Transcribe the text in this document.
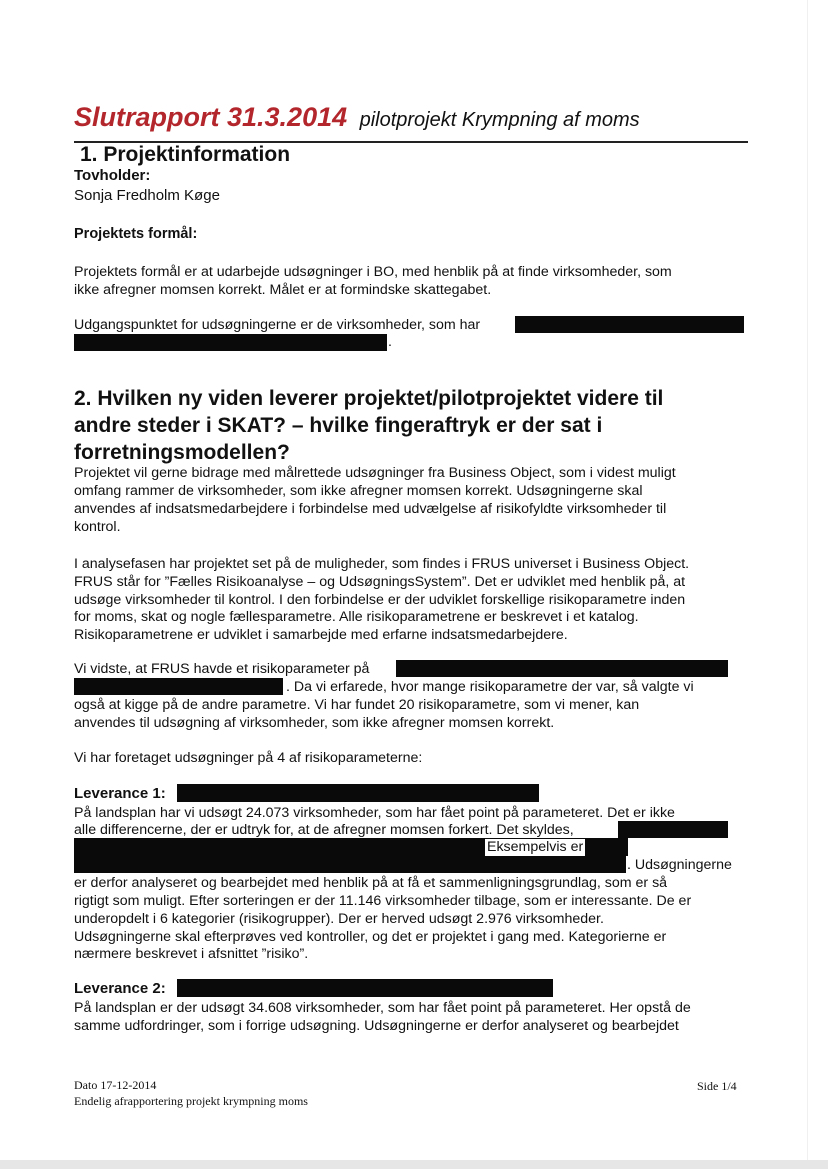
Slutrapport 31.3.2014 pilotprojekt Krympning af moms
1. Projektinformation
Tovholder:
Sonja Fredholm Køge
Projektets formål:
Projektets formål er at udarbejde udsøgninger i BO, med henblik på at finde virksomheder, som
ikke afregner momsen korrekt. Målet er at formindske skattegabet.
Udgangspunktet for udsøgningerne er de virksomheder, som har
.
2. Hvilken ny viden leverer projektet/pilotprojektet videre til
andre steder i SKAT? – hvilke fingeraftryk er der sat i
forretningsmodellen?
Projektet vil gerne bidrage med målrettede udsøgninger fra Business Object, som i videst muligt
omfang rammer de virksomheder, som ikke afregner momsen korrekt. Udsøgningerne skal
anvendes af indsatsmedarbejdere i forbindelse med udvælgelse af risikofyldte virksomheder til
kontrol.
I analysefasen har projektet set på de muligheder, som findes i FRUS universet i Business Object.
FRUS står for ”Fælles Risikoanalyse – og UdsøgningsSystem”. Det er udviklet med henblik på, at
udsøge virksomheder til kontrol. I den forbindelse er der udviklet forskellige risikoparametre inden
for moms, skat og nogle fællesparametre. Alle risikoparametrene er beskrevet i et katalog.
Risikoparametrene er udviklet i samarbejde med erfarne indsatsmedarbejdere.
Vi vidste, at FRUS havde et risikoparameter på
. Da vi erfarede, hvor mange risikoparametre der var, så valgte vi
også at kigge på de andre parametre. Vi har fundet 20 risikoparametre, som vi mener, kan
anvendes til udsøgning af virksomheder, som ikke afregner momsen korrekt.
Vi har foretaget udsøgninger på 4 af risikoparameterne:
Leverance 1:
På landsplan har vi udsøgt 24.073 virksomheder, som har fået point på parameteret. Det er ikke
alle differencerne, der er udtryk for, at de afregner momsen forkert. Det skyldes,
Eksempelvis er
. Udsøgningerne
er derfor analyseret og bearbejdet med henblik på at få et sammenligningsgrundlag, som er så
rigtigt som muligt. Efter sorteringen er der 11.146 virksomheder tilbage, som er interessante. De er
underopdelt i 6 kategorier (risikogrupper). Der er herved udsøgt 2.976 virksomheder.
Udsøgningerne skal efterprøves ved kontroller, og det er projektet i gang med. Kategorierne er
nærmere beskrevet i afsnittet ”risiko”.
Leverance 2:
På landsplan er der udsøgt 34.608 virksomheder, som har fået point på parameteret. Her opstå de
samme udfordringer, som i forrige udsøgning. Udsøgningerne er derfor analyseret og bearbejdet
Dato 17-12-2014
Endelig afrapportering projekt krympning moms
Side 1/4
